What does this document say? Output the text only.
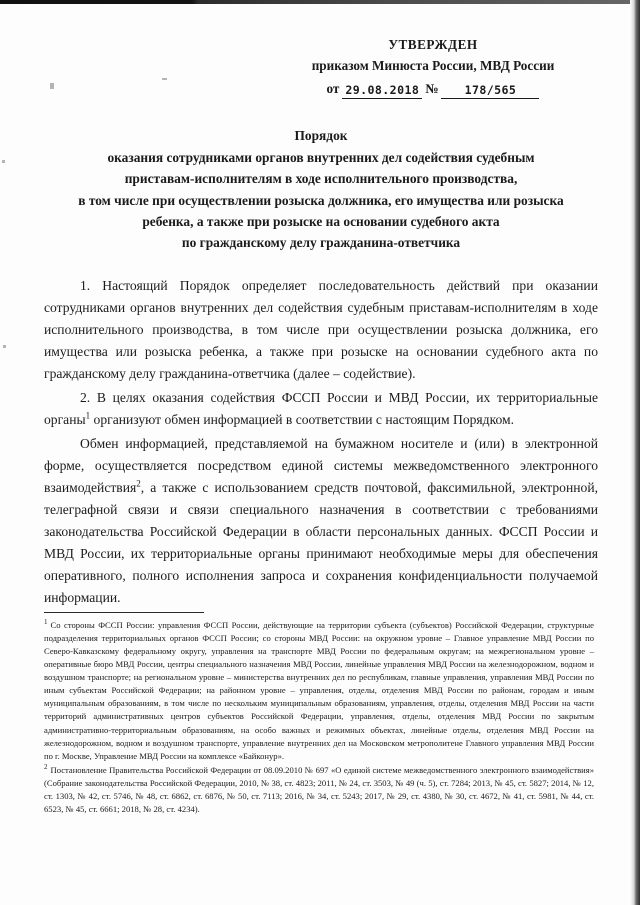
УТВЕРЖДЕН
приказом Минюста России, МВД России
от 29.08.2018 №	178/565
Порядок
оказания сотрудниками органов внутренних дел содействия судебным
приставам-исполнителям в ходе исполнительного производства,
в том числе при осуществлении розыска должника, его имущества или розыска
ребенка, а также при розыске на основании судебного акта
по гражданскому делу гражданина-ответчика

1. Настоящий Порядок определяет последовательность действий при оказании сотрудниками органов внутренних дел содействия судебным приставам-исполнителям в ходе исполнительного производства, в том числе при осуществлении розыска должника, его имущества или розыска ребенка, а также при розыске на основании судебного акта по гражданскому делу гражданина-ответчика (далее – содействие).

2. В целях оказания содействия ФССП России и МВД России, их территориальные органы$^1$ организуют обмен информацией в соответствии с настоящим Порядком.

Обмен информацией, представляемой на бумажном носителе и (или) в электронной форме, осуществляется посредством единой системы межведомственного электронного взаимодействия$^2$, а также с использованием средств почтовой, факсимильной, электронной, телеграфной связи и связи специального назначения в соответствии с требованиями законодательства Российской Федерации в области персональных данных. ФССП России и МВД России, их территориальные органы принимают необходимые меры для обеспечения оперативного, полного исполнения запроса и сохранения конфиденциальности получаемой информации.

$^1$ Со стороны ФССП России: управления ФССП России, действующие на территории субъекта (субъектов) Российской Федерации, структурные подразделения территориальных органов ФССП России; со стороны МВД России: на окружном уровне – Главное управление МВД России по Северо-Кавказскому федеральному округу, управления на транспорте МВД России по федеральным округам; на межрегиональном уровне – оперативные бюро МВД России, центры специального назначения МВД России, линейные управления МВД России на железнодорожном, водном и воздушном транспорте; на региональном уровне – министерства внутренних дел по республикам, главные управления, управления МВД России по иным субъектам Российской Федерации; на районном уровне – управления, отделы, отделения МВД России по районам, городам и иным муниципальным образованиям, в том числе по нескольким муниципальным образованиям, управления, отделы, отделения МВД России на части территорий административных центров субъектов Российской Федерации, управления, отделы, отделения МВД России по закрытым административно-территориальным образованиям, на особо важных и режимных объектах, линейные отделы, отделения МВД России на железнодорожном, водном и воздушном транспорте, управление внутренних дел на Московском метрополитене Главного управления МВД России по г. Москве, Управление МВД России на комплексе «Байконур».

$^2$ Постановление Правительства Российской Федерации от 08.09.2010 № 697 «О единой системе межведомственного электронного взаимодействия» (Собрание законодательства Российской Федерации, 2010, № 38, ст. 4823; 2011, № 24, ст. 3503, № 49 (ч. 5), ст. 7284; 2013, № 45, ст. 5827; 2014, № 12, ст. 1303, № 42, ст. 5746, № 48, ст. 6862, ст. 6876, № 50, ст. 7113; 2016, № 34, ст. 5243; 2017, № 29, ст. 4380, № 30, ст. 4672, № 41, ст. 5981, № 44, ст. 6523, № 45, ст. 6661; 2018, № 28, ст. 4234).
